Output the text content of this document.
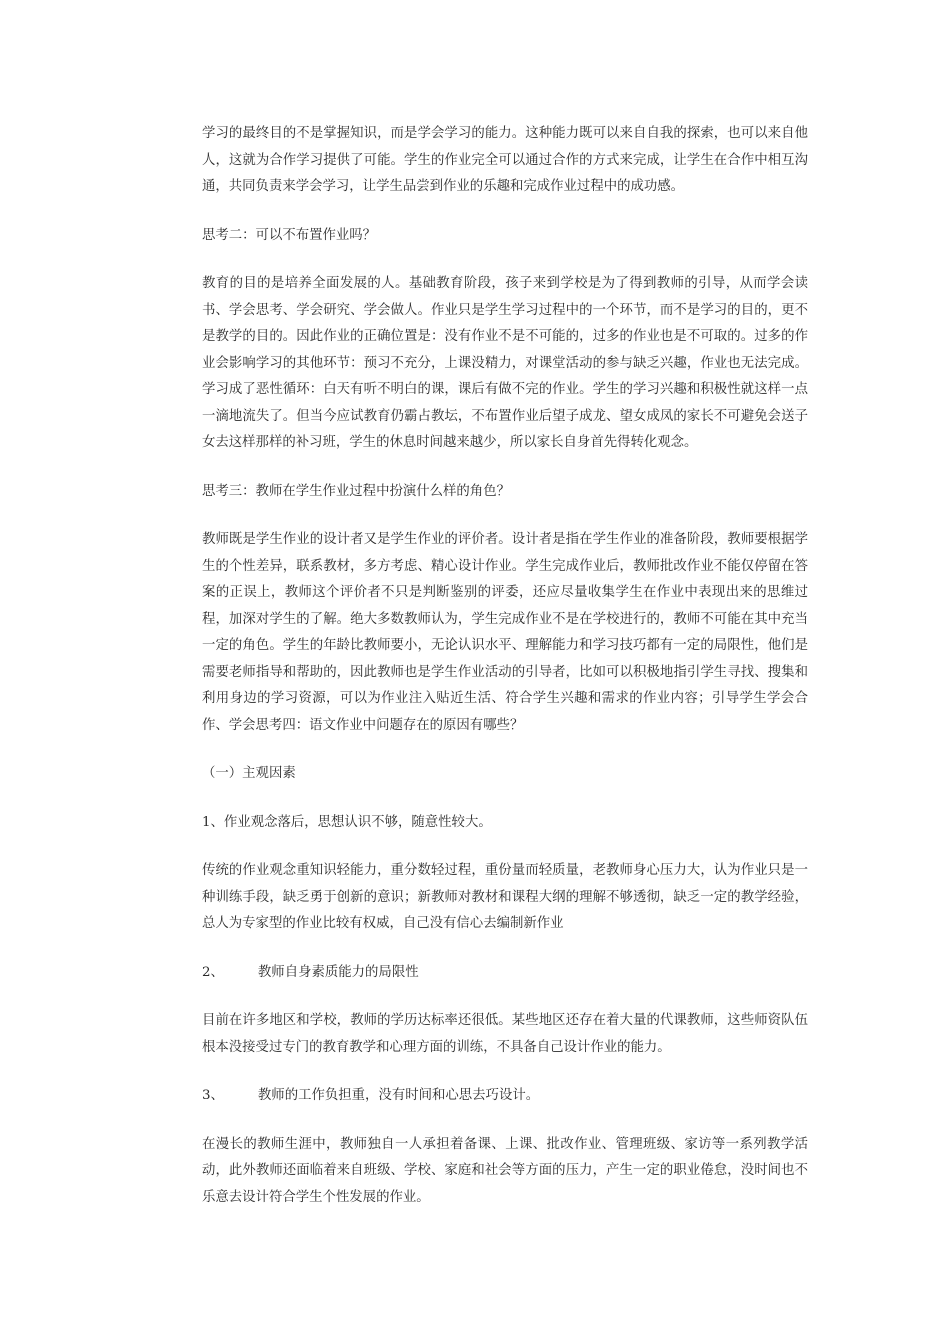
学习的最终目的不是掌握知识，而是学会学习的能力。这种能力既可以来自自我的探索，也可以来自他人，这就为合作学习提供了可能。学生的作业完全可以通过合作的方式来完成，让学生在合作中相互沟通，共同负责来学会学习，让学生品尝到作业的乐趣和完成作业过程中的成功感。

思考二：可以不布置作业吗？

教育的目的是培养全面发展的人。基础教育阶段，孩子来到学校是为了得到教师的引导，从而学会读书、学会思考、学会研究、学会做人。作业只是学生学习过程中的一个环节，而不是学习的目的，更不是教学的目的。因此作业的正确位置是：没有作业不是不可能的，过多的作业也是不可取的。过多的作业会影响学习的其他环节：预习不充分，上课没精力，对课堂活动的参与缺乏兴趣，作业也无法完成。学习成了恶性循环：白天有听不明白的课，课后有做不完的作业。学生的学习兴趣和积极性就这样一点一滴地流失了。但当今应试教育仍霸占教坛，不布置作业后望子成龙、望女成凤的家长不可避免会送子女去这样那样的补习班，学生的休息时间越来越少，所以家长自身首先得转化观念。

思考三：教师在学生作业过程中扮演什么样的角色？

教师既是学生作业的设计者又是学生作业的评价者。设计者是指在学生作业的准备阶段，教师要根据学生的个性差异，联系教材，多方考虑、精心设计作业。学生完成作业后，教师批改作业不能仅停留在答案的正误上，教师这个评价者不只是判断鉴别的评委，还应尽量收集学生在作业中表现出来的思维过程，加深对学生的了解。绝大多数教师认为，学生完成作业不是在学校进行的，教师不可能在其中充当一定的角色。学生的年龄比教师要小，无论认识水平、理解能力和学习技巧都有一定的局限性，他们是需要老师指导和帮助的，因此教师也是学生作业活动的引导者，比如可以积极地指引学生寻找、搜集和利用身边的学习资源，可以为作业注入贴近生活、符合学生兴趣和需求的作业内容；引导学生学会合作、学会思考四：语文作业中问题存在的原因有哪些？

（一）主观因素

1、作业观念落后，思想认识不够，随意性较大。

传统的作业观念重知识轻能力，重分数轻过程，重份量而轻质量，老教师身心压力大，认为作业只是一种训练手段，缺乏勇于创新的意识；新教师对教材和课程大纲的理解不够透彻，缺乏一定的教学经验，总人为专家型的作业比较有权威，自己没有信心去编制新作业

2、	教师自身素质能力的局限性

目前在许多地区和学校，教师的学历达标率还很低。某些地区还存在着大量的代课教师，这些师资队伍根本没接受过专门的教育教学和心理方面的训练，不具备自己设计作业的能力。

3、	教师的工作负担重，没有时间和心思去巧设计。

在漫长的教师生涯中，教师独自一人承担着备课、上课、批改作业、管理班级、家访等一系列教学活动，此外教师还面临着来自班级、学校、家庭和社会等方面的压力，产生一定的职业倦怠，没时间也不乐意去设计符合学生个性发展的作业。
